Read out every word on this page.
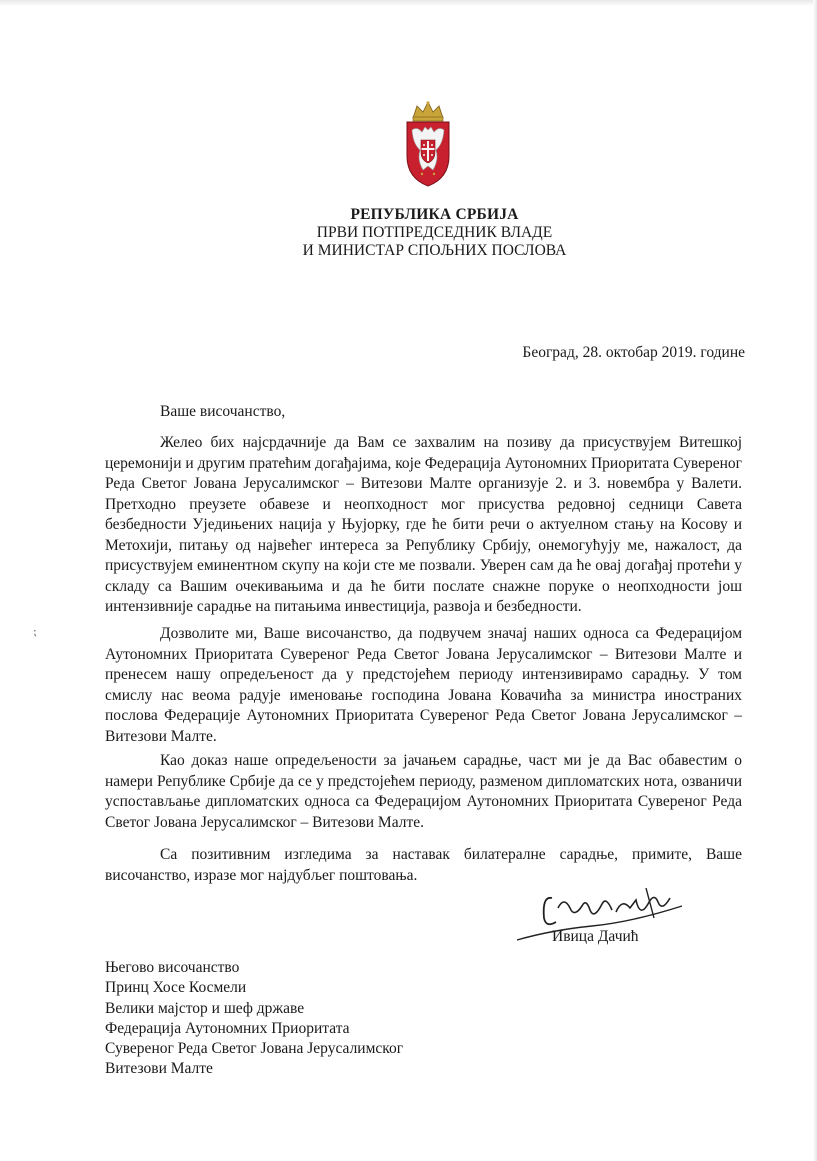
РЕПУБЛИКА СРБИЈА
ПРВИ ПОТПРЕДСЕДНИК ВЛАДЕ
И МИНИСТАР СПОЉНИХ ПОСЛОВА
Београд, 28. октобар 2019. године
Ваше височанство,

Желео бих најсрдачније да Вам се захвалим на позиву да присуствујем Витешкој церемонији и другим пратећим догађајима, које Федерација Аутономних Приоритата Суверeног Реда Светог Јована Јерусалимског – Витезови Малте организује 2. и 3. новембра у Валети. Претходно преузете обавезе и неопходност мог присуства редовној седници Савета безбедности Уједињених нација у Њујорку, где ће бити речи о актуелном стању на Косову и Метохији, питању од највећег интереса за Републику Србију, онемогућују ме, нажалост, да присуствујем еминентном скупу на који сте ме позвали. Уверен сам да ће овај догађај протећи у складу са Вашим очекивањима и да ће бити послате снажне поруке о неопходности још интензивније сарадње на питањима инвестиција, развоја и безбедности.

Дозволите ми, Ваше височанство, да подвучем значај наших односа са Федерацијом Аутономних Приоритата Сувереног Реда Светог Јована Јерусалимског – Витезови Малте и пренесем нашу опредељеност да у предстојећем периоду интензивирамо сарадњу. У том смислу нас веома радује именовање господина Јована Ковачића за министра иностраних послова Федерације Аутономних Приоритата Сувереног Реда Светог Јована Јерусалимског – Витезови Малте.

Као доказ наше опредељености за јачањем сарадње, част ми је да Вас обавестим о намери Републике Србије да се у предстојећем периоду, разменом дипломатских нота, озваничи успостављање дипломатских односа са Федерацијом Аутономних Приоритата Сувереног Реда Светог Јована Јерусалимског – Витезови Малте.

Са позитивним изгледима за наставак билатералне сарадње, примите, Ваше височанство, изразе мог најдубљег поштовања.

⁏
Ивица Дачић
Његово височанство
Принц Хосе Космели
Велики мајстор и шеф државе
Федерација Аутономних Приоритата
Сувереног Реда Светог Јована Јерусалимског
Витезови Малте
